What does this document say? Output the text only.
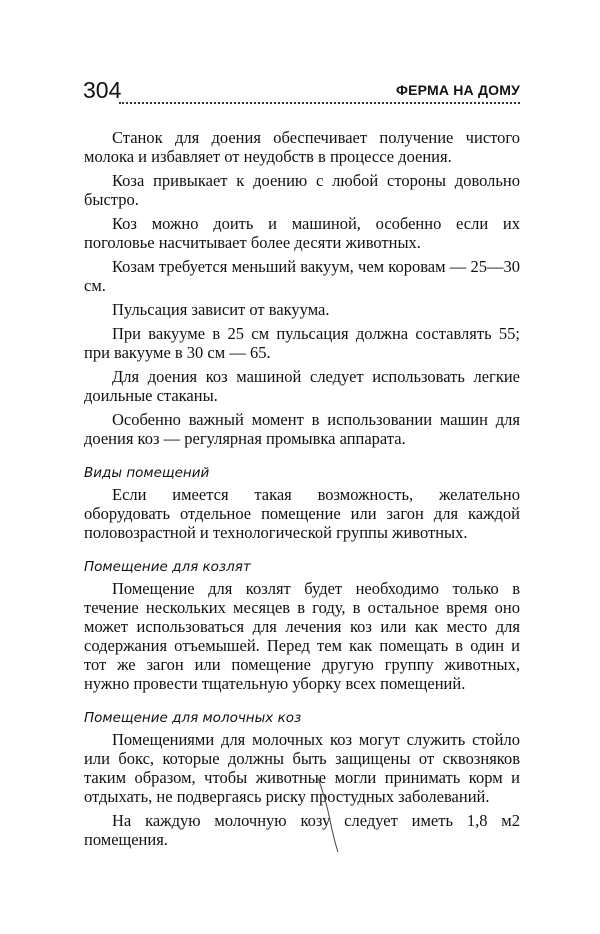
304	ФЕРМА НА ДОМУ

Станок для доения обеспечивает получение чистого молока и избавляет от неудобств в процессе доения.

Коза привыкает к доению с любой стороны довольно быстро.

Коз можно доить и машиной, особенно если их поголовье насчитывает более десяти животных.

Козам требуется меньший вакуум, чем коровам — 25—30 см.

Пульсация зависит от вакуума.

При вакууме в 25 см пульсация должна составлять 55; при вакууме в 30 см — 65.

Для доения коз машиной следует использовать легкие доильные стаканы.

Особенно важный момент в использовании машин для доения коз — регулярная промывка аппарата.

Виды помещений

Если имеется такая возможность, желательно оборудовать отдельное помещение или загон для каждой половозрастной и технологической группы животных.

Помещение для козлят

Помещение для козлят будет необходимо только в течение нескольких месяцев в году, в остальное время оно может использоваться для лечения коз или как место для содержания отъемышей. Перед тем как помещать в один и тот же загон или помещение другую группу животных, нужно провести тщательную уборку всех помещений.

Помещение для молочных коз

Помещениями для молочных коз могут служить стойло или бокс, которые должны быть защищены от сквозняков таким образом, чтобы животные могли принимать корм и отдыхать, не подвергаясь риску простудных заболеваний.

На каждую молочную козу следует иметь 1,8 м2 помещения.
